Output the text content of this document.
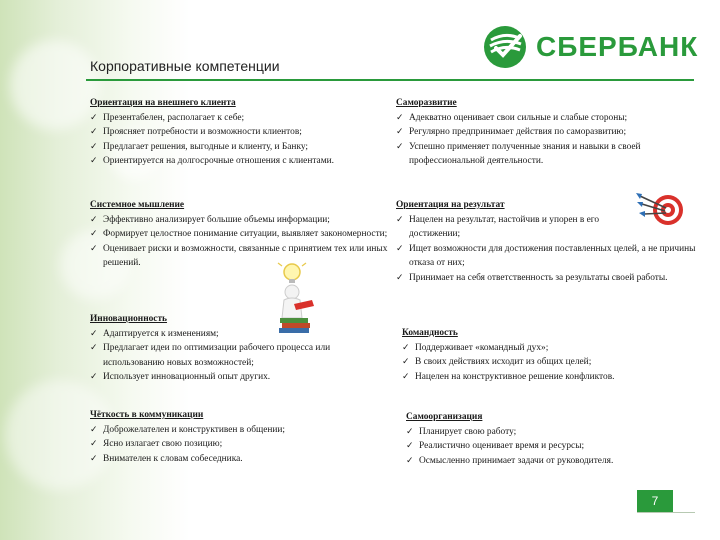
СБЕРБАНК
Корпоративные компетенции
Ориентация на внешнего клиента
✓ Презентабелен, располагает к себе;
✓ Проясняет потребности и возможности клиентов;
✓ Предлагает решения, выгодные и клиенту, и Банку;
✓ Ориентируется на долгосрочные отношения с клиентами.
Системное мышление
✓ Эффективно анализирует большие объемы информации;
✓ Формирует целостное понимание ситуации, выявляет закономерности;
✓ Оценивает риски и возможности, связанные с принятием тех или иных решений.
Инновационность
✓ Адаптируется к изменениям;
✓ Предлагает идеи по оптимизации рабочего процесса или использованию новых возможностей;
✓ Использует инновационный опыт других.
Чёткость в коммуникации
✓ Доброжелателен и конструктивен в общении;
✓ Ясно излагает свою позицию;
✓ Внимателен к словам собеседника.
Саморазвитие
✓ Адекватно оценивает свои сильные и слабые стороны;
✓ Регулярно предпринимает действия по саморазвитию;
✓ Успешно применяет полученные знания и навыки в своей профессиональной деятельности.
Ориентация на результат
✓ Нацелен на результат, настойчив и упорен в его достижении;
✓ Ищет возможности для достижения поставленных целей, а не причины отказа от них;
✓ Принимает на себя ответственность за результаты своей работы.
Командность
✓ Поддерживает «командный дух»;
✓ В своих действиях исходит из общих целей;
✓ Нацелен на конструктивное решение конфликтов.
Самоорганизация
✓ Планирует свою работу;
✓ Реалистично оценивает время и ресурсы;
✓ Осмысленно принимает задачи от руководителя.
7
